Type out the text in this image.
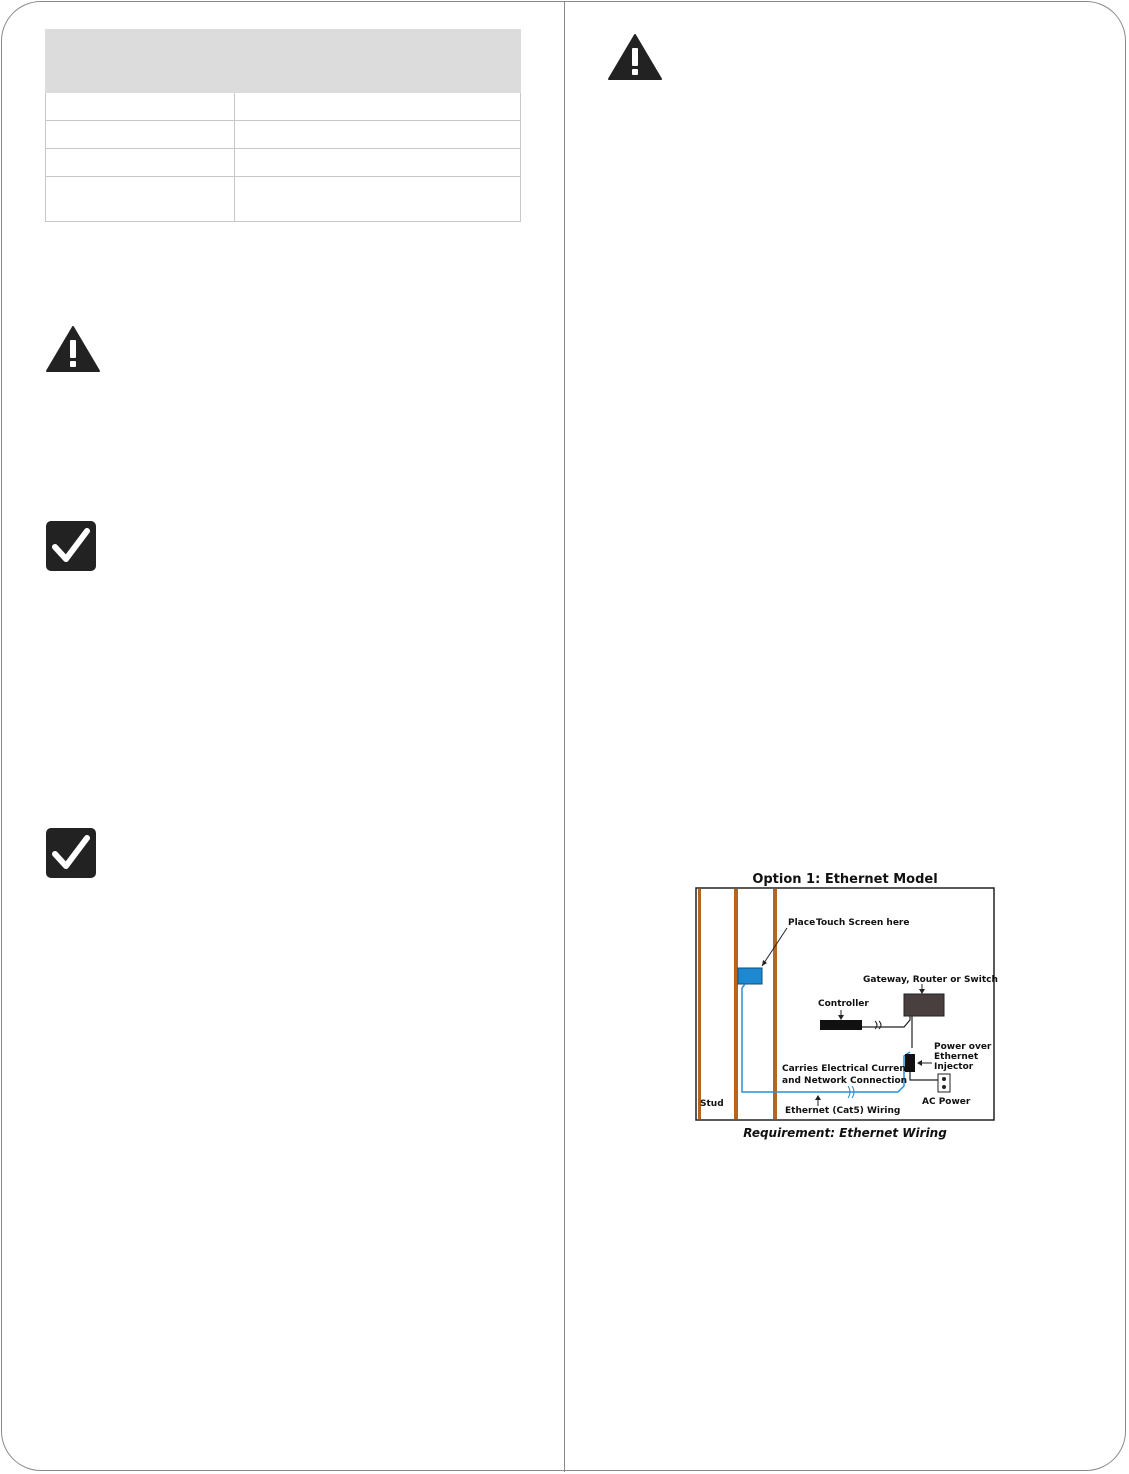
Place Touch Screen here
Gateway, Router or Switch
Controller
Power over
Ethernet
Injector
Carries Electrical Current
and Network Connection
Stud
Ethernet (Cat5) Wiring
AC Power
Option 1: Ethernet Model
Requirement: Ethernet Wiring
